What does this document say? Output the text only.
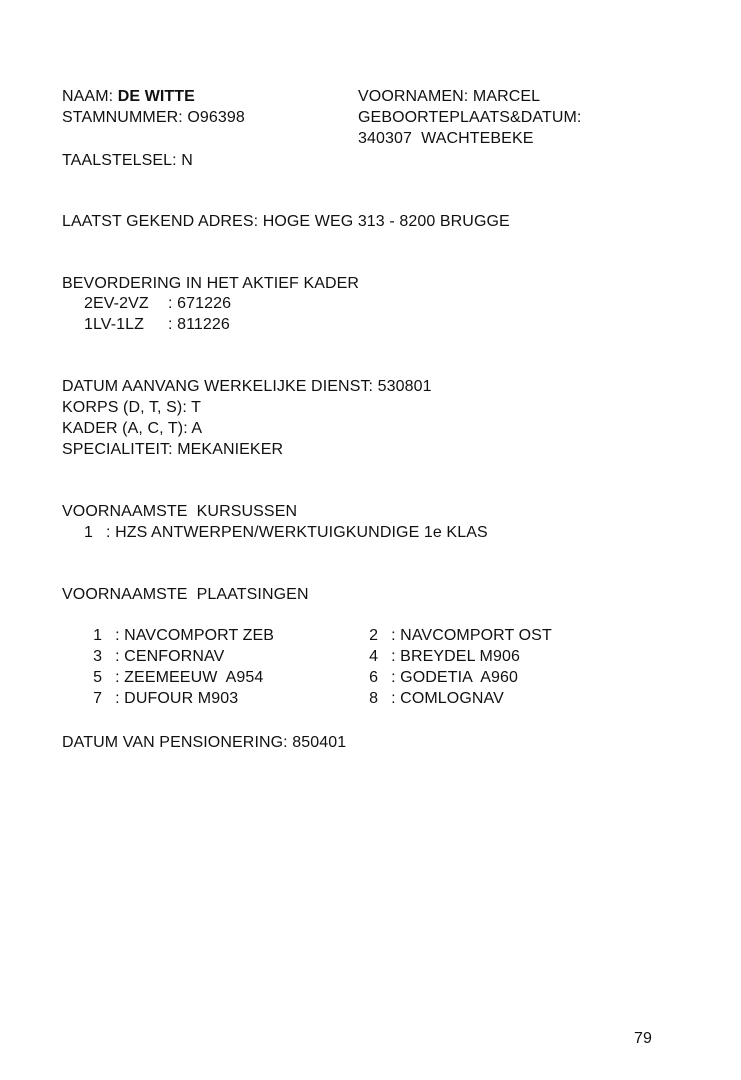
NAAM: DE WITTE	VOORNAMEN: MARCEL
STAMNUMMER: O96398	GEBOORTEPLAATS&DATUM:
340307  WACHTEBEKE
TAALSTELSEL: N
LAATST GEKEND ADRES: HOGE WEG 313 - 8200 BRUGGE
BEVORDERING IN HET AKTIEF KADER
2EV-2VZ : 671226
1LV-1LZ : 811226
DATUM AANVANG WERKELIJKE DIENST: 530801
KORPS (D, T, S): T
KADER (A, C, T): A
SPECIALITEIT: MEKANIEKER
VOORNAAMSTE  KURSUSSEN
1 : HZS ANTWERPEN/WERKTUIGKUNDIGE 1e KLAS
VOORNAAMSTE  PLAATSINGEN

1 : NAVCOMPORT ZEB	2 : NAVCOMPORT OST

3 : CENFORNAV	4 : BREYDEL M906

5 : ZEEMEEUW  A954	6 : GODETIA  A960

7 : DUFOUR M903	8 : COMLOGNAV

DATUM VAN PENSIONERING: 850401
79
